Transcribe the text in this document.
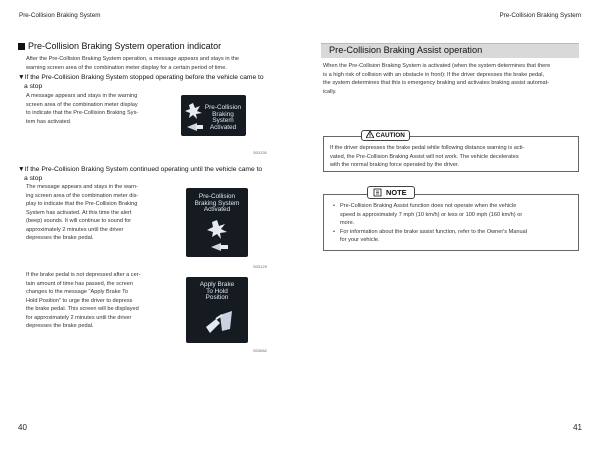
Pre-Collision Braking System	Pre-Collision Braking System
Pre-Collision Braking System operation indicator
After the Pre-Collision Braking System operation, a message appears and stays in the
warning screen area of the combination meter display for a certain period of time.
▼If the Pre-Collision Braking System stopped operating before the vehicle came to
a stop
A message appears and stays in the warning
screen area of the combination meter display
to indicate that the Pre-Collision Braking Sys-
tem has activated.
Pre-Collision
Braking System
Activated
S03130
▼If the Pre-Collision Braking System continued operating until the vehicle came to
a stop
The message appears and stays in the warn-
ing screen area of the combination meter dis-
play to indicate that the Pre-Collision Braking
System has activated. At this time the alert
(beep) sounds. It will continue to sound for
approximately 2 minutes until the driver
depresses the brake pedal.
Pre-Collision
Braking System
Activated
S03129
If the brake pedal is not depressed after a cer-
tain amount of time has passed, the screen
changes to the message "Apply Brake To
Hold Position" to urge the driver to depress
the brake pedal. This screen will be displayed
for approximately 2 minutes until the driver
depresses the brake pedal.
Apply Brake
To Hold
Position
S03082
Pre-Collision Braking Assist operation
When the Pre-Collision Braking System is activated (when the system determines that there
is a high risk of collision with an obstacle in front): If the driver depresses the brake pedal,
the system determines that this is emergency braking and activates braking assist automat-
ically.
If the driver depresses the brake pedal while following distance warning is acti-
vated, the Pre-Collision Braking Assist will not work. The vehicle decelerates
with the normal braking force operated by the driver.
CAUTION
• Pre-Collision Braking Assist function does not operate when the vehicle
speed is approximately 7 mph (10 km/h) or less or 100 mph (160 km/h) or
more.
• For information about the brake assist function, refer to the Owner's Manual
for your vehicle.
NOTE
40	41
